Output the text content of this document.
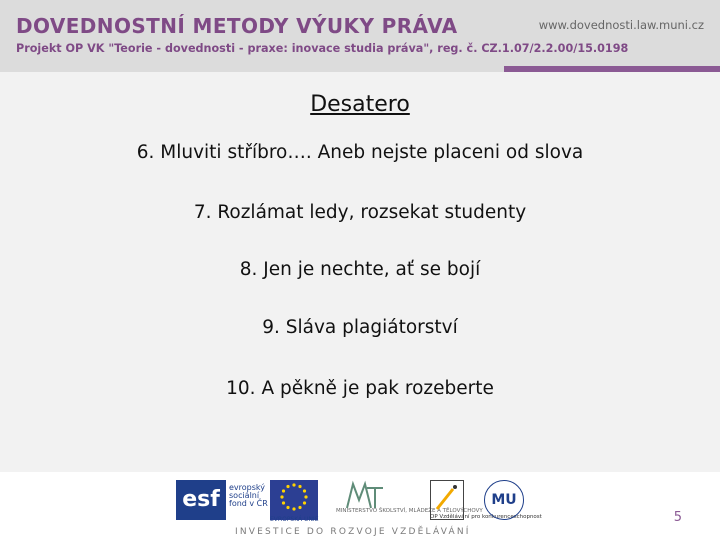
DOVEDNOSTNÍ METODY VÝUKY PRÁVA	www.dovednosti.law.muni.cz
Projekt OP VK "Teorie - dovednosti - praxe: inovace studia práva", reg. č. CZ.1.07/2.2.00/15.0198
Desatero
6. Mluviti stříbro…. Aneb nejste placeni od slova
7. Rozlámat ledy, rozsekat studenty
8. Jen je nechte, ať se bojí
9. Sláva plagiátorství
10. A pěkně je pak rozeberte
esf	evropský
sociální
fond v ČR
EVROPSKÁ UNIE
MINISTERSTVO ŠKOLSTVÍ, MLÁDEŽE A TĚLOVÝCHOVY
OP Vzdělávání pro konkurenceschopnost
MU
INVESTICE DO ROZVOJE VZDĚLÁVÁNÍ
5
